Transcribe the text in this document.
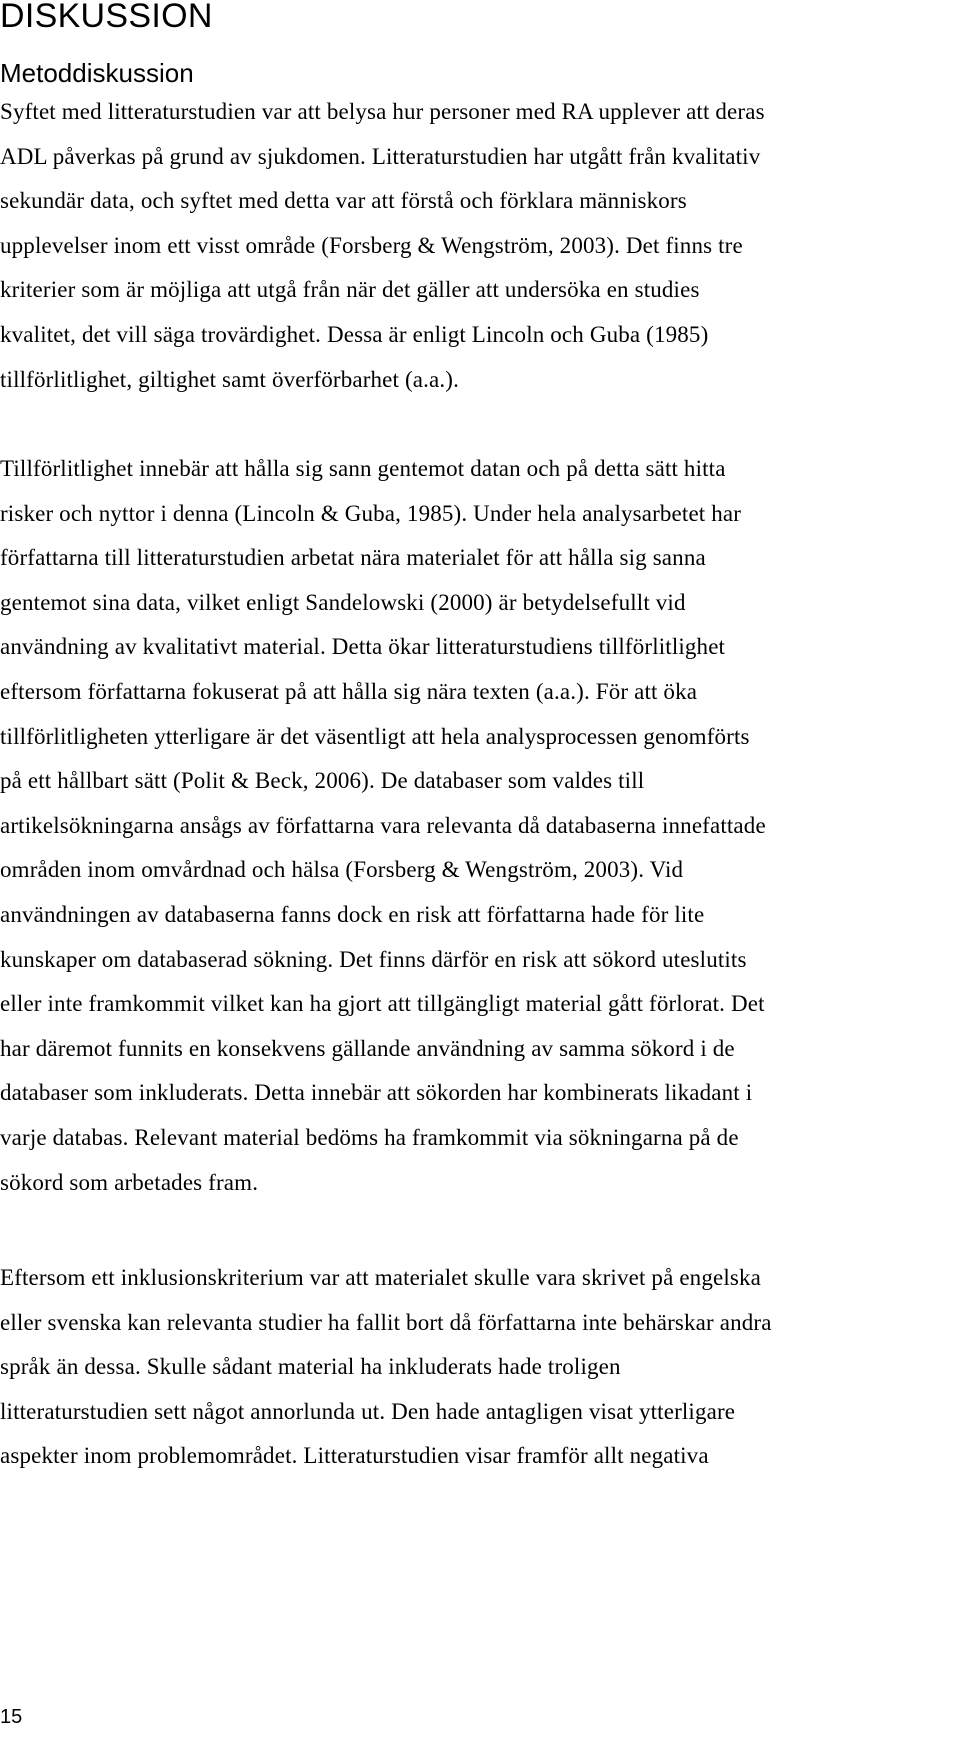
DISKUSSION
Metoddiskussion

Syftet med litteraturstudien var att belysa hur personer med RA upplever att deras
ADL påverkas på grund av sjukdomen. Litteraturstudien har utgått från kvalitativ
sekundär data, och syftet med detta var att förstå och förklara människors
upplevelser inom ett visst område (Forsberg & Wengström, 2003). Det finns tre
kriterier som är möjliga att utgå från när det gäller att undersöka en studies
kvalitet, det vill säga trovärdighet. Dessa är enligt Lincoln och Guba (1985)
tillförlitlighet, giltighet samt överförbarhet (a.a.).

Tillförlitlighet innebär att hålla sig sann gentemot datan och på detta sätt hitta
risker och nyttor i denna (Lincoln & Guba, 1985). Under hela analysarbetet har
författarna till litteraturstudien arbetat nära materialet för att hålla sig sanna
gentemot sina data, vilket enligt Sandelowski (2000) är betydelsefullt vid
användning av kvalitativt material. Detta ökar litteraturstudiens tillförlitlighet
eftersom författarna fokuserat på att hålla sig nära texten (a.a.). För att öka
tillförlitligheten ytterligare är det väsentligt att hela analysprocessen genomförts
på ett hållbart sätt (Polit & Beck, 2006). De databaser som valdes till
artikelsökningarna ansågs av författarna vara relevanta då databaserna innefattade
områden inom omvårdnad och hälsa (Forsberg & Wengström, 2003). Vid
användningen av databaserna fanns dock en risk att författarna hade för lite
kunskaper om databaserad sökning. Det finns därför en risk att sökord uteslutits
eller inte framkommit vilket kan ha gjort att tillgängligt material gått förlorat. Det
har däremot funnits en konsekvens gällande användning av samma sökord i de
databaser som inkluderats. Detta innebär att sökorden har kombinerats likadant i
varje databas. Relevant material bedöms ha framkommit via sökningarna på de
sökord som arbetades fram.

Eftersom ett inklusionskriterium var att materialet skulle vara skrivet på engelska
eller svenska kan relevanta studier ha fallit bort då författarna inte behärskar andra
språk än dessa. Skulle sådant material ha inkluderats hade troligen
litteraturstudien sett något annorlunda ut. Den hade antagligen visat ytterligare
aspekter inom problemområdet. Litteraturstudien visar framför allt negativa

15
